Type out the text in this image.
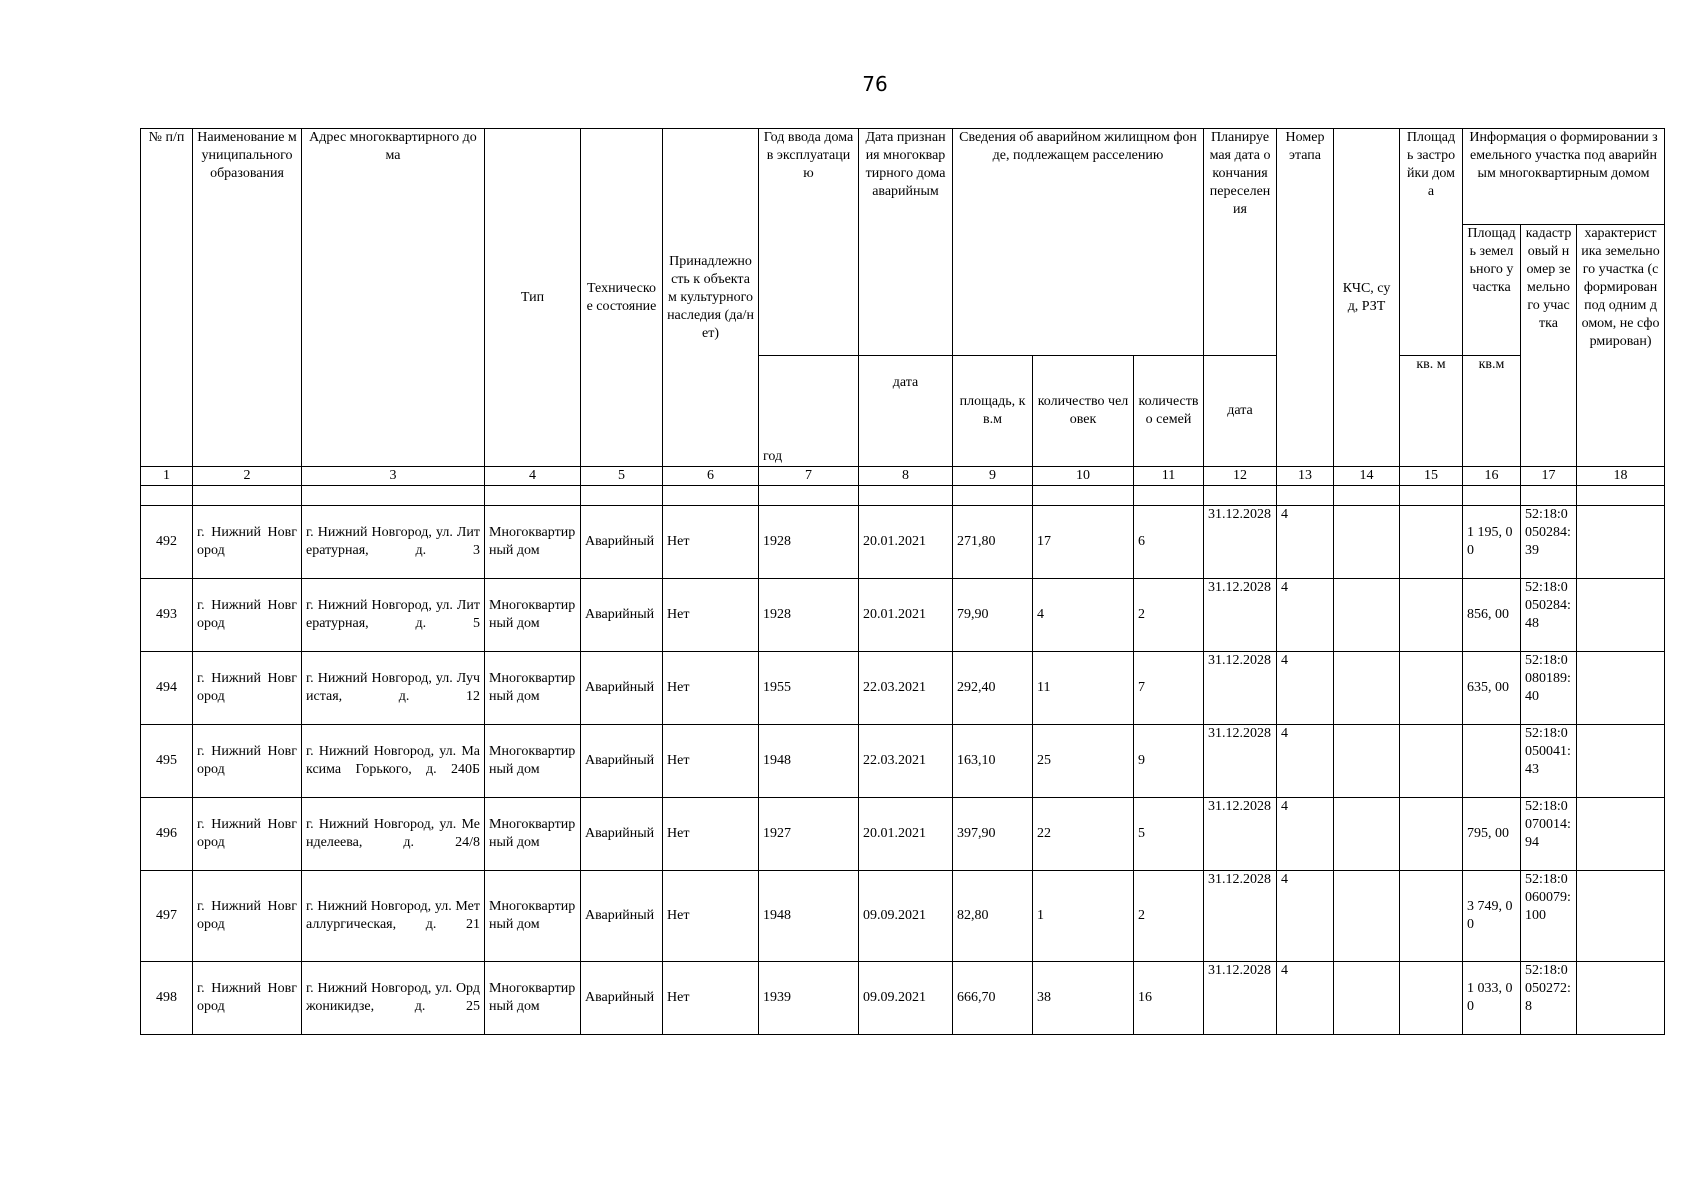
76
№ п/п	Наименование муниципального образования	Адрес многоквартирного дома	Тип	Техническое состояние	Принадлежность к объектам культурного наследия (да/нет)	Год ввода дома в эксплуатацию	Дата признания многоквартирного дома аварийным	Сведения об аварийном жилищном фонде, подлежащем расселению			Планируемая дата окончания переселения	Номер этапа	КЧС, суд, РЗТ	Площадь застройки дома	Информация о формировании земельного участка под аварийным многоквартирным домом		
															Площадь земельного участка	кадастровый номер земельного участка	характеристика земельного участка (сформирован под одним домом, не сформирован)
						год	дата	площадь, кв.м	количество человек	количество семей	дата			кв. м	кв.м		
1	2	3	4	5	6	7	8	9	10	11	12	13	14	15	16	17	18

492	г. Нижний Новгород	г. Нижний Новгород, ул. Литературная, д. 3	Многоквартирный дом	Аварийный	Нет	1928	20.01.2021	271,80	17	6	31.12.2028	4			1 195, 00	52:18:0050284:39	
493	г. Нижний Новгород	г. Нижний Новгород, ул. Литературная, д. 5	Многоквартирный дом	Аварийный	Нет	1928	20.01.2021	79,90	4	2	31.12.2028	4			856, 00	52:18:0050284:48	
494	г. Нижний Новгород	г. Нижний Новгород, ул. Лучистая, д. 12	Многоквартирный дом	Аварийный	Нет	1955	22.03.2021	292,40	11	7	31.12.2028	4			635, 00	52:18:0080189:40	
495	г. Нижний Новгород	г. Нижний Новгород, ул. Максима Горького, д. 240Б	Многоквартирный дом	Аварийный	Нет	1948	22.03.2021	163,10	25	9	31.12.2028	4				52:18:0050041:43	
496	г. Нижний Новгород	г. Нижний Новгород, ул. Менделеева, д. 24/8	Многоквартирный дом	Аварийный	Нет	1927	20.01.2021	397,90	22	5	31.12.2028	4			795, 00	52:18:0070014:94	
497	г. Нижний Новгород	г. Нижний Новгород, ул. Металлургическая, д. 21	Многоквартирный дом	Аварийный	Нет	1948	09.09.2021	82,80	1	2	31.12.2028	4			3 749, 00	52:18:0060079:100	
498	г. Нижний Новгород	г. Нижний Новгород, ул. Орджоникидзе, д. 25	Многоквартирный дом	Аварийный	Нет	1939	09.09.2021	666,70	38	16	31.12.2028	4			1 033, 00	52:18:0050272:8	
